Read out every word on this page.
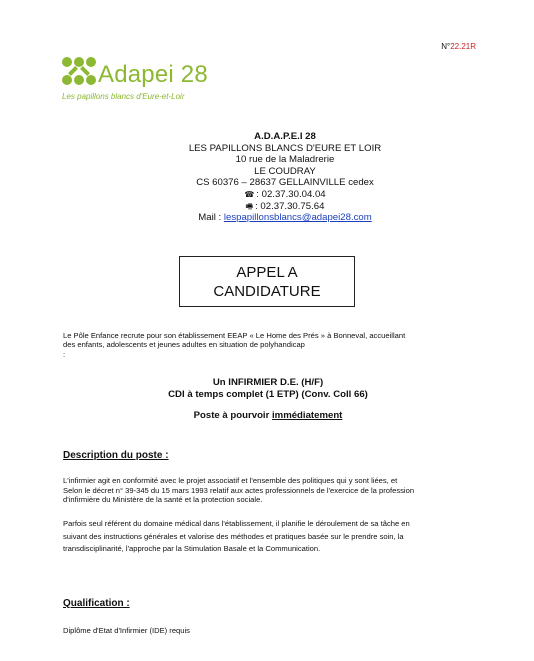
N°22.21R
Adapei 28
Les papillons blancs d'Eure-et-Loir
A.D.A.P.E.I 28
LES PAPILLONS BLANCS D'EURE ET LOIR
10 rue de la Maladrerie
LE COUDRAY
CS 60376 – 28637 GELLAINVILLE cedex
☎ : 02.37.30.04.04
🖷 : 02.37.30.75.64
Mail : lespapillonsblancs@adapei28.com
APPEL A
CANDIDATURE
Le Pôle Enfance recrute pour son établissement EEAP « Le Home des Prés » à Bonneval, accueillant
des enfants, adolescents et jeunes adultes en situation de polyhandicap
:
Un INFIRMIER D.E. (H/F)
CDI à temps complet (1 ETP) (Conv. Coll 66)
Poste à pourvoir immédiatement
Description du poste :
L'infirmier agit en conformité avec le projet associatif et l'ensemble des politiques qui y sont liées, et
Selon le décret n° 39-345 du 15 mars 1993 relatif aux actes professionnels de l'exercice de la profession
d'infirmière du Ministère de la santé et la protection sociale.
Parfois seul référent du domaine médical dans l'établissement, il planifie le déroulement de sa tâche en
suivant des instructions générales et valorise des méthodes et pratiques basée sur le prendre soin, la
transdisciplinarité, l'approche par la Stimulation Basale et la Communication.
Qualification :
Diplôme d'Etat d'Infirmier (IDE) requis
